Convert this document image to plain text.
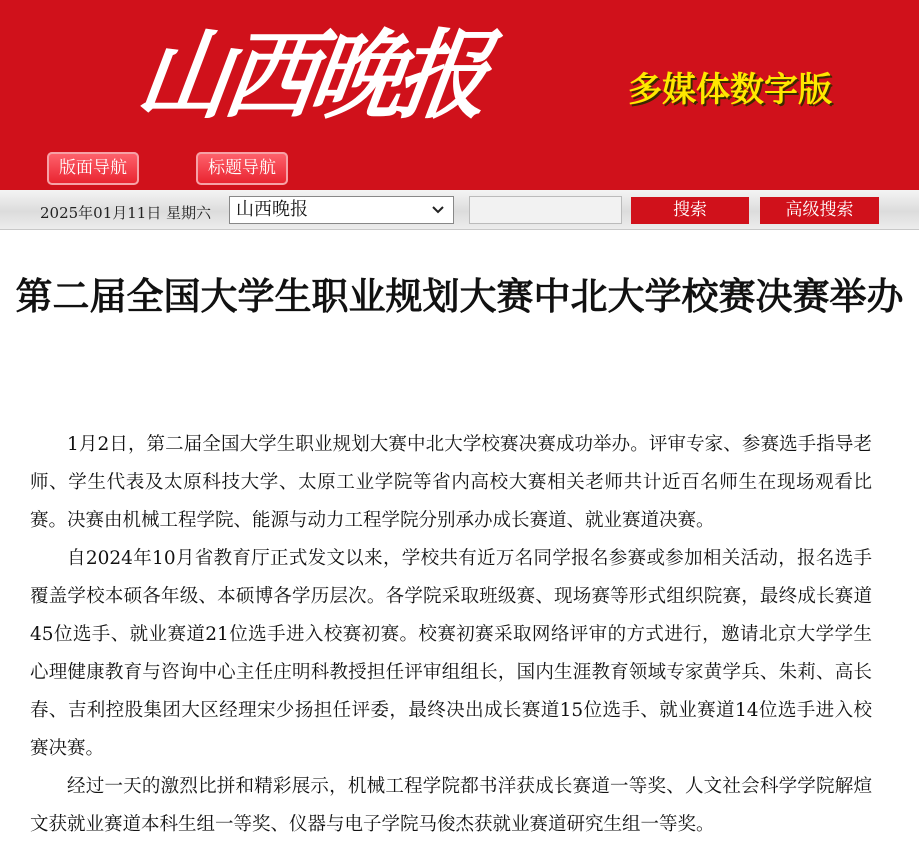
山西晚报	多媒体数字版
版面导航	标题导航
2025年01月11日 星期六	山西晚报	搜索	高级搜索
第二届全国大学生职业规划大赛中北大学校赛决赛举办

1月2日，第二届全国大学生职业规划大赛中北大学校赛决赛成功举办。评审专家、参赛选手指导老师、学生代表及太原科技大学、太原工业学院等省内高校大赛相关老师共计近百名师生在现场观看比赛。决赛由机械工程学院、能源与动力工程学院分别承办成长赛道、就业赛道决赛。

自2024年10月省教育厅正式发文以来，学校共有近万名同学报名参赛或参加相关活动，报名选手覆盖学校本硕各年级、本硕博各学历层次。各学院采取班级赛、现场赛等形式组织院赛，最终成长赛道45位选手、就业赛道21位选手进入校赛初赛。校赛初赛采取网络评审的方式进行，邀请北京大学学生心理健康教育与咨询中心主任庄明科教授担任评审组组长，国内生涯教育领域专家黄学兵、朱莉、高长春、吉利控股集团大区经理宋少扬担任评委，最终决出成长赛道15位选手、就业赛道14位选手进入校赛决赛。

经过一天的激烈比拼和精彩展示，机械工程学院都书洋获成长赛道一等奖、人文社会科学学院解煊文获就业赛道本科生组一等奖、仪器与电子学院马俊杰获就业赛道研究生组一等奖。
